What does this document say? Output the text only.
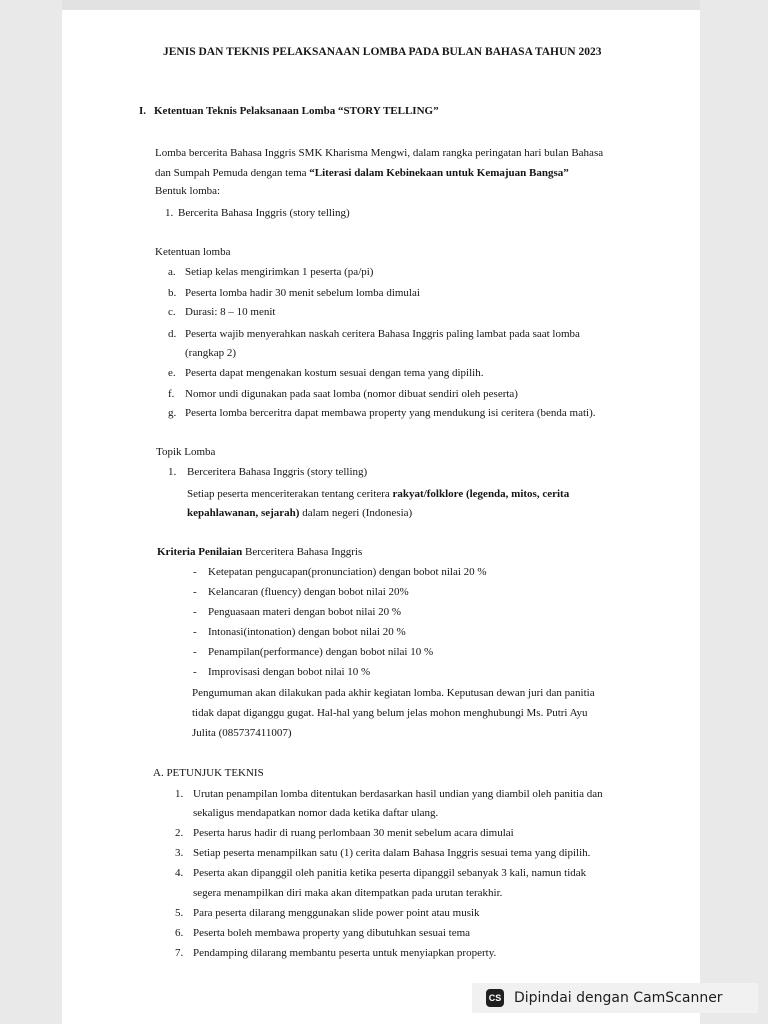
JENIS DAN TEKNIS PELAKSANAAN LOMBA PADA BULAN BAHASA TAHUN 2023
I. Ketentuan Teknis Pelaksanaan Lomba “STORY TELLING”
Lomba bercerita Bahasa Inggris SMK Kharisma Mengwi, dalam rangka peringatan hari bulan Bahasa
dan Sumpah Pemuda dengan tema “Literasi dalam Kebinekaan untuk Kemajuan Bangsa”
Bentuk lomba:
1. Bercerita Bahasa Inggris (story telling)
Ketentuan lomba
a. Setiap kelas mengirimkan 1 peserta (pa/pi)
b. Peserta lomba hadir 30 menit sebelum lomba dimulai
c. Durasi: 8 – 10 menit
d. Peserta wajib menyerahkan naskah ceritera Bahasa Inggris paling lambat pada saat lomba
(rangkap 2)
e. Peserta dapat mengenakan kostum sesuai dengan tema yang dipilih.
f. Nomor undi digunakan pada saat lomba (nomor dibuat sendiri oleh peserta)
g. Peserta lomba berceritra dapat membawa property yang mendukung isi ceritera (benda mati).
Topik Lomba
1. Berceritera Bahasa Inggris (story telling)
Setiap peserta menceriterakan tentang ceritera rakyat/folklore (legenda, mitos, cerita
kepahlawanan, sejarah) dalam negeri (Indonesia)
Kriteria Penilaian Berceritera Bahasa Inggris
- Ketepatan pengucapan(pronunciation) dengan bobot nilai 20 %
- Kelancaran (fluency) dengan bobot nilai 20%
- Penguasaan materi dengan bobot nilai 20 %
- Intonasi(intonation) dengan bobot nilai 20 %
- Penampilan(performance) dengan bobot nilai 10 %
- Improvisasi dengan bobot nilai 10 %
Pengumuman akan dilakukan pada akhir kegiatan lomba. Keputusan dewan juri dan panitia
tidak dapat diganggu gugat. Hal-hal yang belum jelas mohon menghubungi Ms. Putri Ayu
Julita (085737411007)
A. PETUNJUK TEKNIS
1. Urutan penampilan lomba ditentukan berdasarkan hasil undian yang diambil oleh panitia dan
sekaligus mendapatkan nomor dada ketika daftar ulang.
2. Peserta harus hadir di ruang perlombaan 30 menit sebelum acara dimulai
3. Setiap peserta menampilkan satu (1) cerita dalam Bahasa Inggris sesuai tema yang dipilih.
4. Peserta akan dipanggil oleh panitia ketika peserta dipanggil sebanyak 3 kali, namun tidak
segera menampilkan diri maka akan ditempatkan pada urutan terakhir.
5. Para peserta dilarang menggunakan slide power point atau musik
6. Peserta boleh membawa property yang dibutuhkan sesuai tema
7. Pendamping dilarang membantu peserta untuk menyiapkan property.
CS Dipindai dengan CamScanner
